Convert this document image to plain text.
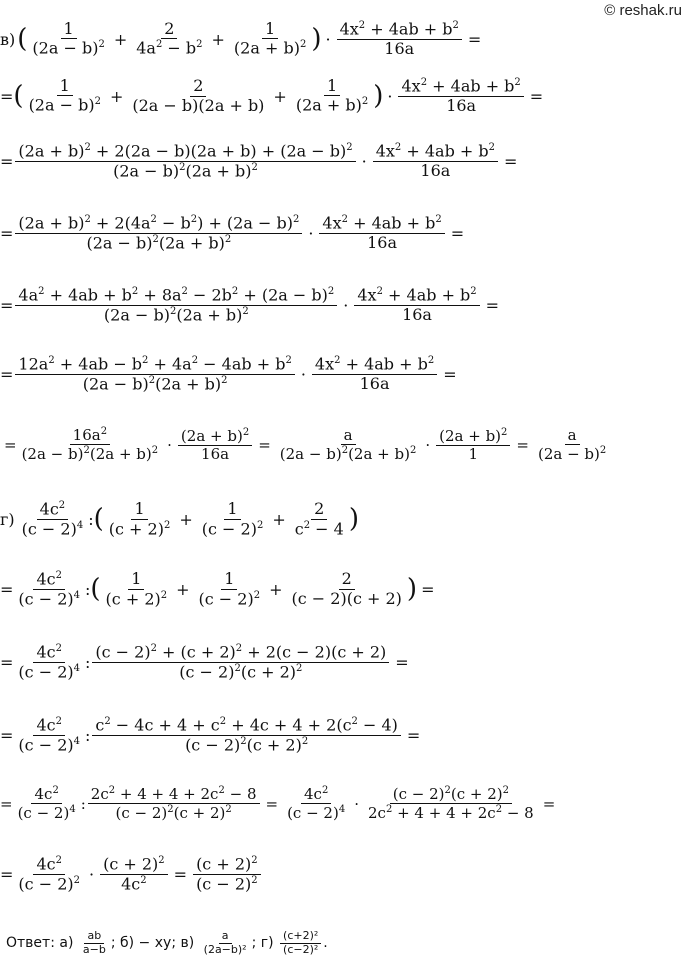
© reshak.ru
в) ( $\frac{1}{(2a - b)^2} + \frac{2}{4a^2 - b^2} + \frac{1}{(2a + b)^2}$ ) · $\frac{4x^2 + 4ab + b^2}{16a}$ =
= ( $\frac{1}{(2a - b)^2} + \frac{2}{(2a - b)(2a + b)} + \frac{1}{(2a + b)^2}$ ) · $\frac{4x^2 + 4ab + b^2}{16a}$ =
= $\frac{(2a + b)^2 + 2(2a - b)(2a + b) + (2a - b)^2}{(2a - b)^2(2a + b)^2} \cdot \frac{4x^2 + 4ab + b^2}{16a}$ =
= $\frac{(2a + b)^2 + 2(4a^2 - b^2) + (2a - b)^2}{(2a - b)^2(2a + b)^2} \cdot \frac{4x^2 + 4ab + b^2}{16a}$ =
= $\frac{4a^2 + 4ab + b^2 + 8a^2 - 2b^2 + (2a - b)^2}{(2a - b)^2(2a + b)^2} \cdot \frac{4x^2 + 4ab + b^2}{16a}$ =
= $\frac{12a^2 + 4ab - b^2 + 4a^2 - 4ab + b^2}{(2a - b)^2(2a + b)^2} \cdot \frac{4x^2 + 4ab + b^2}{16a}$ =
= $\frac{16a^2}{(2a - b)^2(2a + b)^2} \cdot \frac{(2a + b)^2}{16a} = \frac{a}{(2a - b)^2(2a + b)^2} \cdot \frac{(2a + b)^2}{1} = \frac{a}{(2a - b)^2}$
$г) \frac{4c^2}{(c - 2)^4}$ : ( $\frac{1}{(c + 2)^2} + \frac{1}{(c - 2)^2} + \frac{2}{c^2 - 4}$ )
= $\frac{4c^2}{(c - 2)^4}$ : ( $\frac{1}{(c + 2)^2} + \frac{1}{(c - 2)^2} + \frac{2}{(c - 2)(c + 2)}$ ) =
= $\frac{4c^2}{(c - 2)^4}$ : $\frac{(c - 2)^2 + (c + 2)^2 + 2(c - 2)(c + 2)}{(c - 2)^2(c + 2)^2}$ =
= $\frac{4c^2}{(c - 2)^4}$ : $\frac{c^2 - 4c + 4 + c^2 + 4c + 4 + 2(c^2 - 4)}{(c - 2)^2(c + 2)^2}$ =
= $\frac{4c^2}{(c - 2)^4}$ : $\frac{2c^2 + 4 + 4 + 2c^2 - 8}{(c - 2)^2(c + 2)^2} = \frac{4c^2}{(c - 2)^4} \cdot \frac{(c - 2)^2(c + 2)^2}{2c^2 + 4 + 4 + 2c^2 - 8}$ =
= $\frac{4c^2}{(c - 2)^2} \cdot \frac{(c + 2)^2}{4c^2} = \frac{(c + 2)^2}{(c - 2)^2}$
Ответ:
а)
$\frac{ab}{a-b}$ ; б)
− xy ; в)
$\frac{a}{\text{(2a−b)²}}$ ; г)
$\frac{\text{(c+2)²}}{\text{(c−2)²}}$ .
